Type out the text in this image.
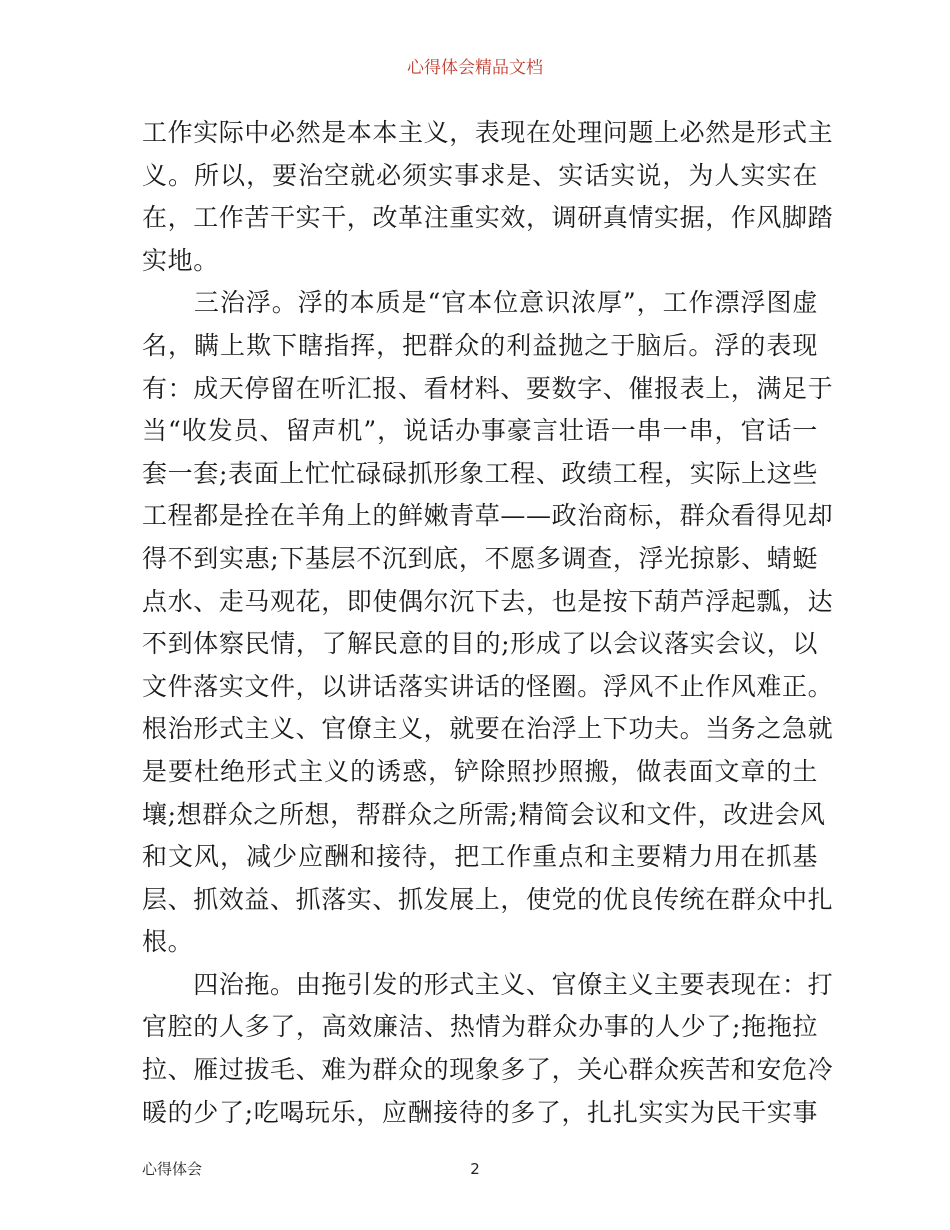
心得体会精品文档
工作实际中必然是本本主义，表现在处理问题上必然是形式主
义。所以，要治空就必须实事求是、实话实说，为人实实在
在，工作苦干实干，改革注重实效，调研真情实据，作风脚踏
实地。
　　三治浮。浮的本质是“官本位意识浓厚”，工作漂浮图虚
名，瞒上欺下瞎指挥，把群众的利益抛之于脑后。浮的表现
有：成天停留在听汇报、看材料、要数字、催报表上，满足于
当“收发员、留声机”，说话办事豪言壮语一串一串，官话一
套一套;表面上忙忙碌碌抓形象工程、政绩工程，实际上这些
工程都是拴在羊角上的鲜嫩青草——政治商标，群众看得见却
得不到实惠;下基层不沉到底，不愿多调查，浮光掠影、蜻蜓
点水、走马观花，即使偶尔沉下去，也是按下葫芦浮起瓢，达
不到体察民情，了解民意的目的;形成了以会议落实会议，以
文件落实文件，以讲话落实讲话的怪圈。浮风不止作风难正。
根治形式主义、官僚主义，就要在治浮上下功夫。当务之急就
是要杜绝形式主义的诱惑，铲除照抄照搬，做表面文章的土
壤;想群众之所想，帮群众之所需;精简会议和文件，改进会风
和文风，减少应酬和接待，把工作重点和主要精力用在抓基
层、抓效益、抓落实、抓发展上，使党的优良传统在群众中扎
根。
　　四治拖。由拖引发的形式主义、官僚主义主要表现在：打
官腔的人多了，高效廉洁、热情为群众办事的人少了;拖拖拉
拉、雁过拔毛、难为群众的现象多了，关心群众疾苦和安危冷
暖的少了;吃喝玩乐，应酬接待的多了，扎扎实实为民干实事
心得体会	2
